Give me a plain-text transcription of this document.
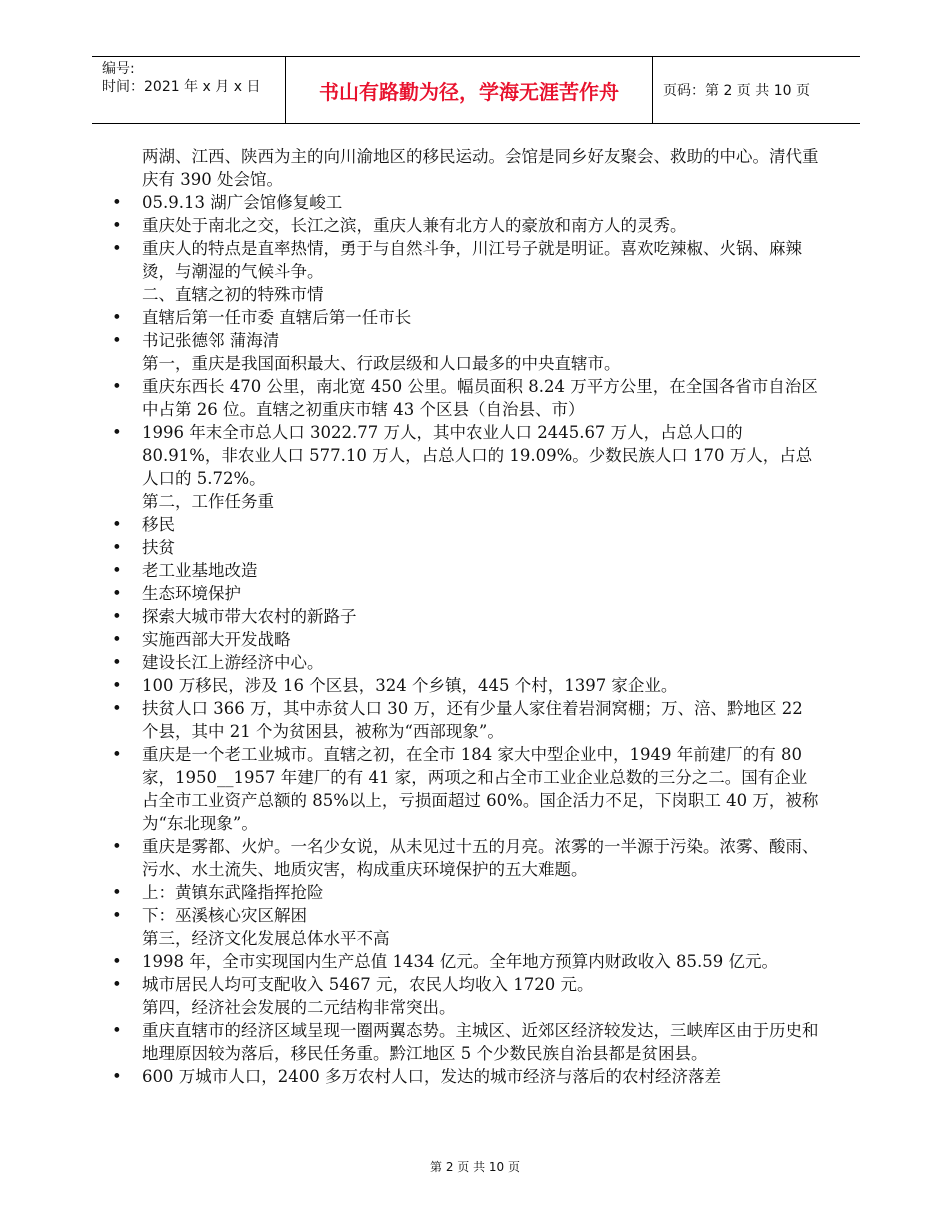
编号:
时间：2021 年 x 月 x 日	书山有路勤为径，学海无涯苦作舟	页码：第 2 页 共 10 页
两湖、江西、陕西为主的向川渝地区的移民运动。会馆是同乡好友聚会、救助的中心。清代重庆有 390 处会馆。
•	05.9.13 湖广会馆修复峻工
•	重庆处于南北之交，长江之滨，重庆人兼有北方人的豪放和南方人的灵秀。
•	重庆人的特点是直率热情，勇于与自然斗争，川江号子就是明证。喜欢吃辣椒、火锅、麻辣烫，与潮湿的气候斗争。
二、直辖之初的特殊市情
•	直辖后第一任市委 直辖后第一任市长
•	书记张德邻 蒲海清
第一，重庆是我国面积最大、行政层级和人口最多的中央直辖市。
•	重庆东西长 470 公里，南北宽 450 公里。幅员面积 8.24 万平方公里，在全国各省市自治区中占第 26 位。直辖之初重庆市辖 43 个区县（自治县、市）
•	1996 年末全市总人口 3022.77 万人，其中农业人口 2445.67 万人，占总人口的 80.91%，非农业人口 577.10 万人，占总人口的 19.09%。少数民族人口 170 万人，占总人口的 5.72%。
第二，工作任务重
•	移民
•	扶贫
•	老工业基地改造
•	生态环境保护
•	探索大城市带大农村的新路子
•	实施西部大开发战略
•	建设长江上游经济中心。
•	100 万移民，涉及 16 个区县，324 个乡镇，445 个村，1397 家企业。
•	扶贫人口 366 万，其中赤贫人口 30 万，还有少量人家住着岩洞窝棚；万、涪、黔地区 22 个县，其中 21 个为贫困县，被称为“西部现象”。
•	重庆是一个老工业城市。直辖之初，在全市 184 家大中型企业中，1949 年前建厂的有 80 家，1950__1957 年建厂的有 41 家，两项之和占全市工业企业总数的三分之二。国有企业占全市工业资产总额的 85%以上，亏损面超过 60%。国企活力不足，下岗职工 40 万，被称为“东北现象”。
•	重庆是雾都、火炉。一名少女说，从未见过十五的月亮。浓雾的一半源于污染。浓雾、酸雨、污水、水土流失、地质灾害，构成重庆环境保护的五大难题。
•	上：黄镇东武隆指挥抢险
•	下：巫溪核心灾区解困
第三，经济文化发展总体水平不高
•	1998 年，全市实现国内生产总值 1434 亿元。全年地方预算内财政收入 85.59 亿元。
•	城市居民人均可支配收入 5467 元，农民人均收入 1720 元。
第四，经济社会发展的二元结构非常突出。
•	重庆直辖市的经济区域呈现一圈两翼态势。主城区、近郊区经济较发达，三峡库区由于历史和地理原因较为落后，移民任务重。黔江地区 5 个少数民族自治县都是贫困县。
•	600 万城市人口，2400 多万农村人口，发达的城市经济与落后的农村经济落差
第 2 页 共 10 页
